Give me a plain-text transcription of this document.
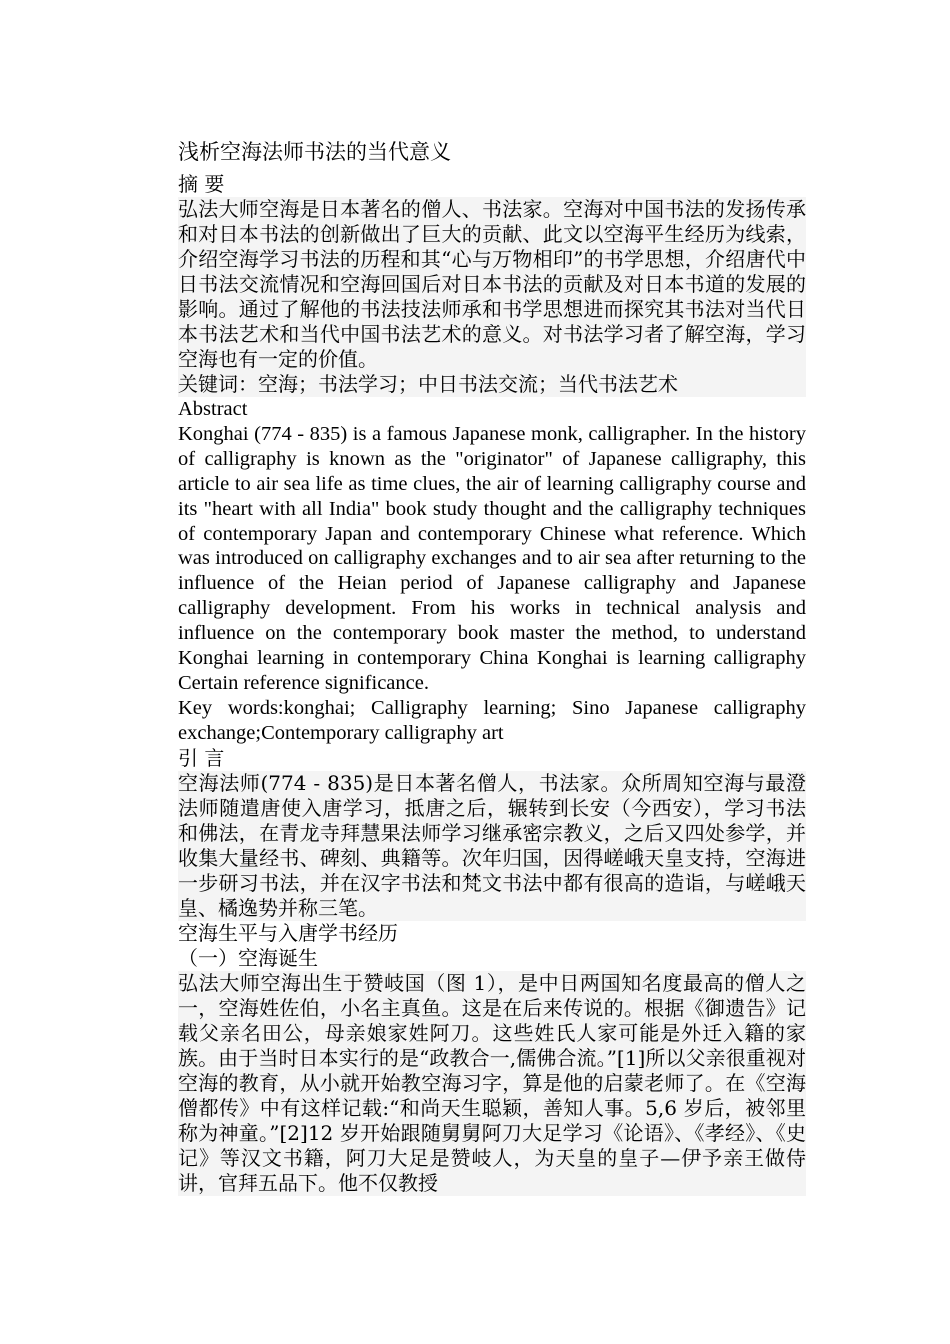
浅析空海法师书法的当代意义
摘 要

弘法大师空海是日本著名的僧人、书法家。空海对中国书法的发扬传承和对日本书法的创新做出了巨大的贡献、此文以空海平生经历为线索，介绍空海学习书法的历程和其“心与万物相印”的书学思想，介绍唐代中日书法交流情况和空海回国后对日本书法的贡献及对日本书道的发展的影响。通过了解他的书法技法师承和书学思想进而探究其书法对当代日本书法艺术和当代中国书法艺术的意义。对书法学习者了解空海，学习空海也有一定的价值。

关键词：空海；书法学习；中日书法交流；当代书法艺术
Abstract

Konghai (774 - 835) is a famous Japanese monk, calligrapher. In the history of calligraphy is known as the "originator" of Japanese calligraphy, this article to air sea life as time clues, the air of learning calligraphy course and its "heart with all India" book study thought and the calligraphy techniques of contemporary Japan and contemporary Chinese what reference. Which was introduced on calligraphy exchanges and to air sea after returning to the influence of the Heian period of Japanese calligraphy and Japanese calligraphy development. From his works in technical analysis and influence on the contemporary book master the method, to understand Konghai learning in contemporary China Konghai is learning calligraphy Certain reference significance.

Key words:konghai; Calligraphy learning; Sino Japanese calligraphy exchange;Contemporary calligraphy art

引 言

空海法师(774 - 835)是日本著名僧人，书法家。众所周知空海与最澄法师随遣唐使入唐学习，抵唐之后，辗转到长安（今西安），学习书法和佛法，在青龙寺拜慧果法师学习继承密宗教义，之后又四处参学，并收集大量经书、碑刻、典籍等。次年归国，因得嵯峨天皇支持，空海进一步研习书法，并在汉字书法和梵文书法中都有很高的造诣，与嵯峨天皇、橘逸势并称三笔。

空海生平与入唐学书经历
（一）空海诞生

弘法大师空海出生于赞岐国（图 1），是中日两国知名度最高的僧人之一，空海姓佐伯，小名主真鱼。这是在后来传说的。根据《御遗告》记载父亲名田公，母亲娘家姓阿刀。这些姓氏人家可能是外迁入籍的家族。由于当时日本实行的是“政教合一,儒佛合流。”[1]所以父亲很重视对空海的教育，从小就开始教空海习字，算是他的启蒙老师了。在《空海僧都传》中有这样记载:“和尚天生聪颖，善知人事。5,6 岁后，被邻里称为神童。”[2]12 岁开始跟随舅舅阿刀大足学习《论语》、《孝经》、《史记》等汉文书籍，阿刀大足是赞岐人，为天皇的皇子—伊予亲王做侍讲，官拜五品下。他不仅教授
